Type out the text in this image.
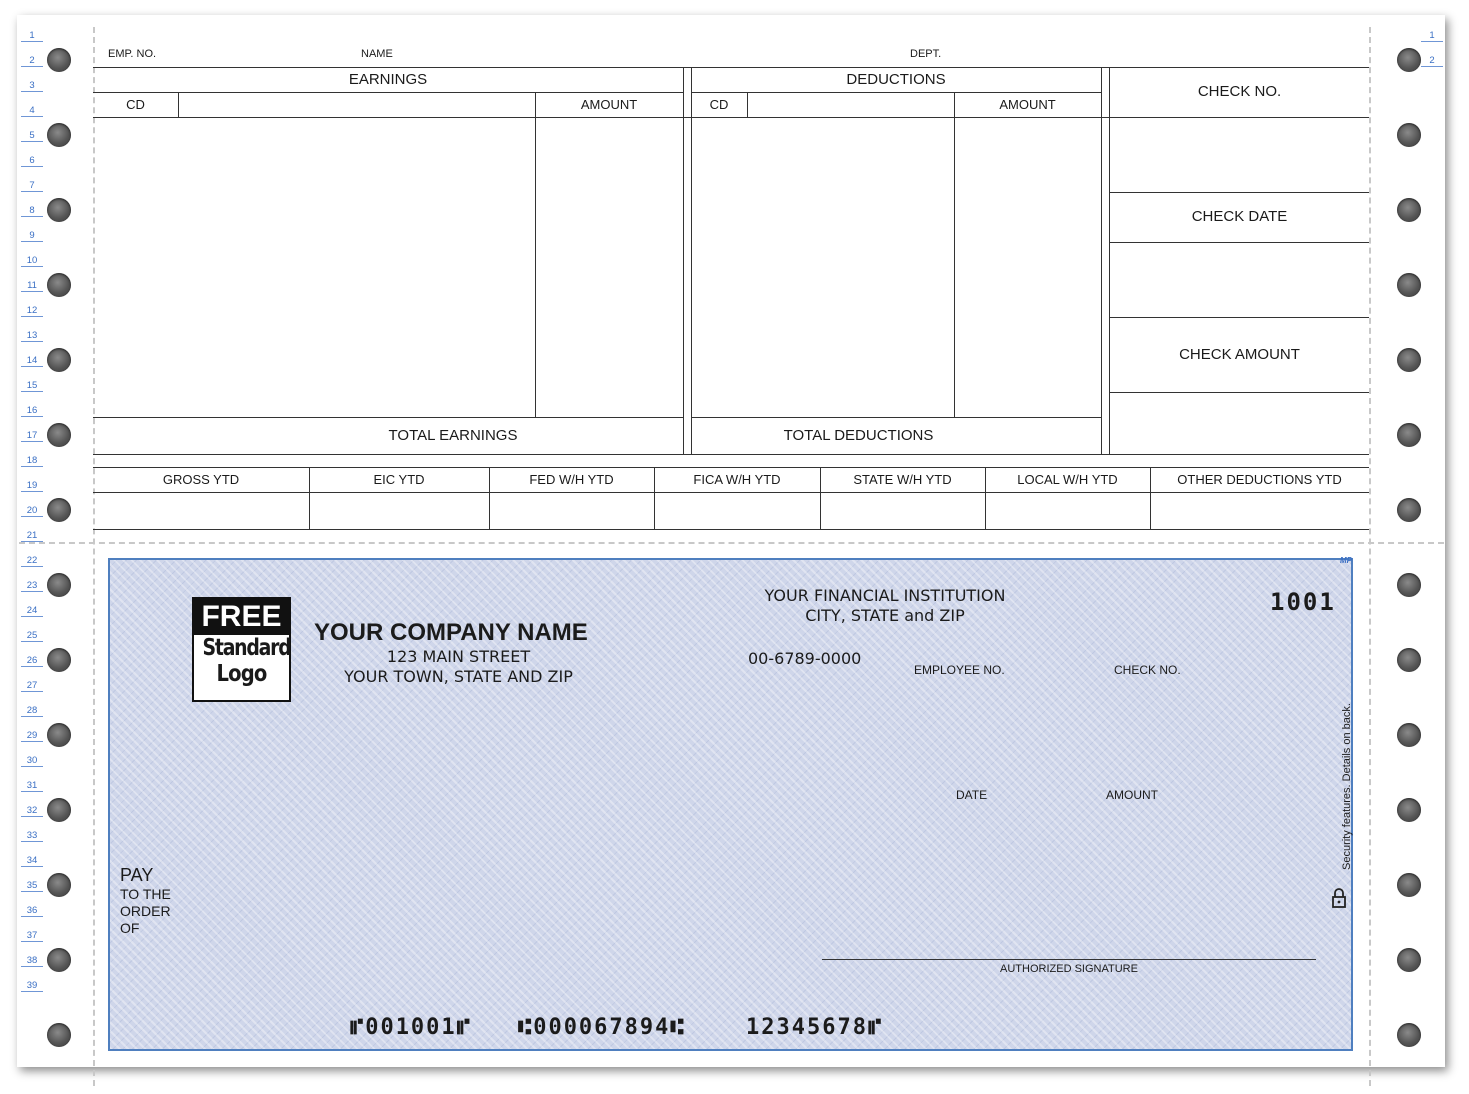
1
2
3
4
5
6
7
8
9
10
11
12
13
14
15
16
17
18
19
20
21
22
23
24
25
26
27
28
29
30
31
32
33
34
35
36
37
38
39
1
2
EMP. NO.	NAME	DEPT.
EARNINGS	DEDUCTIONS
CD	AMOUNT	CD	AMOUNT
CHECK NO.
CHECK DATE
CHECK AMOUNT
TOTAL EARNINGS	TOTAL DEDUCTIONS
GROSS YTD	EIC YTD	FED W/H YTD	FICA W/H YTD	STATE W/H YTD	LOCAL W/H YTD	OTHER DEDUCTIONS YTD
MP
FREE
Standard
Logo
YOUR COMPANY NAME
123 MAIN STREET
YOUR TOWN, STATE AND ZIP
YOUR FINANCIAL INSTITUTION
CITY, STATE and ZIP
00-6789-0000
1001
EMPLOYEE NO.	CHECK NO.
DATE	AMOUNT
PAY
TO THE
ORDER
OF
AUTHORIZED SIGNATURE
Security features. Details on back.
⑈001001⑈ ⑆000067894⑆	12345678⑈
